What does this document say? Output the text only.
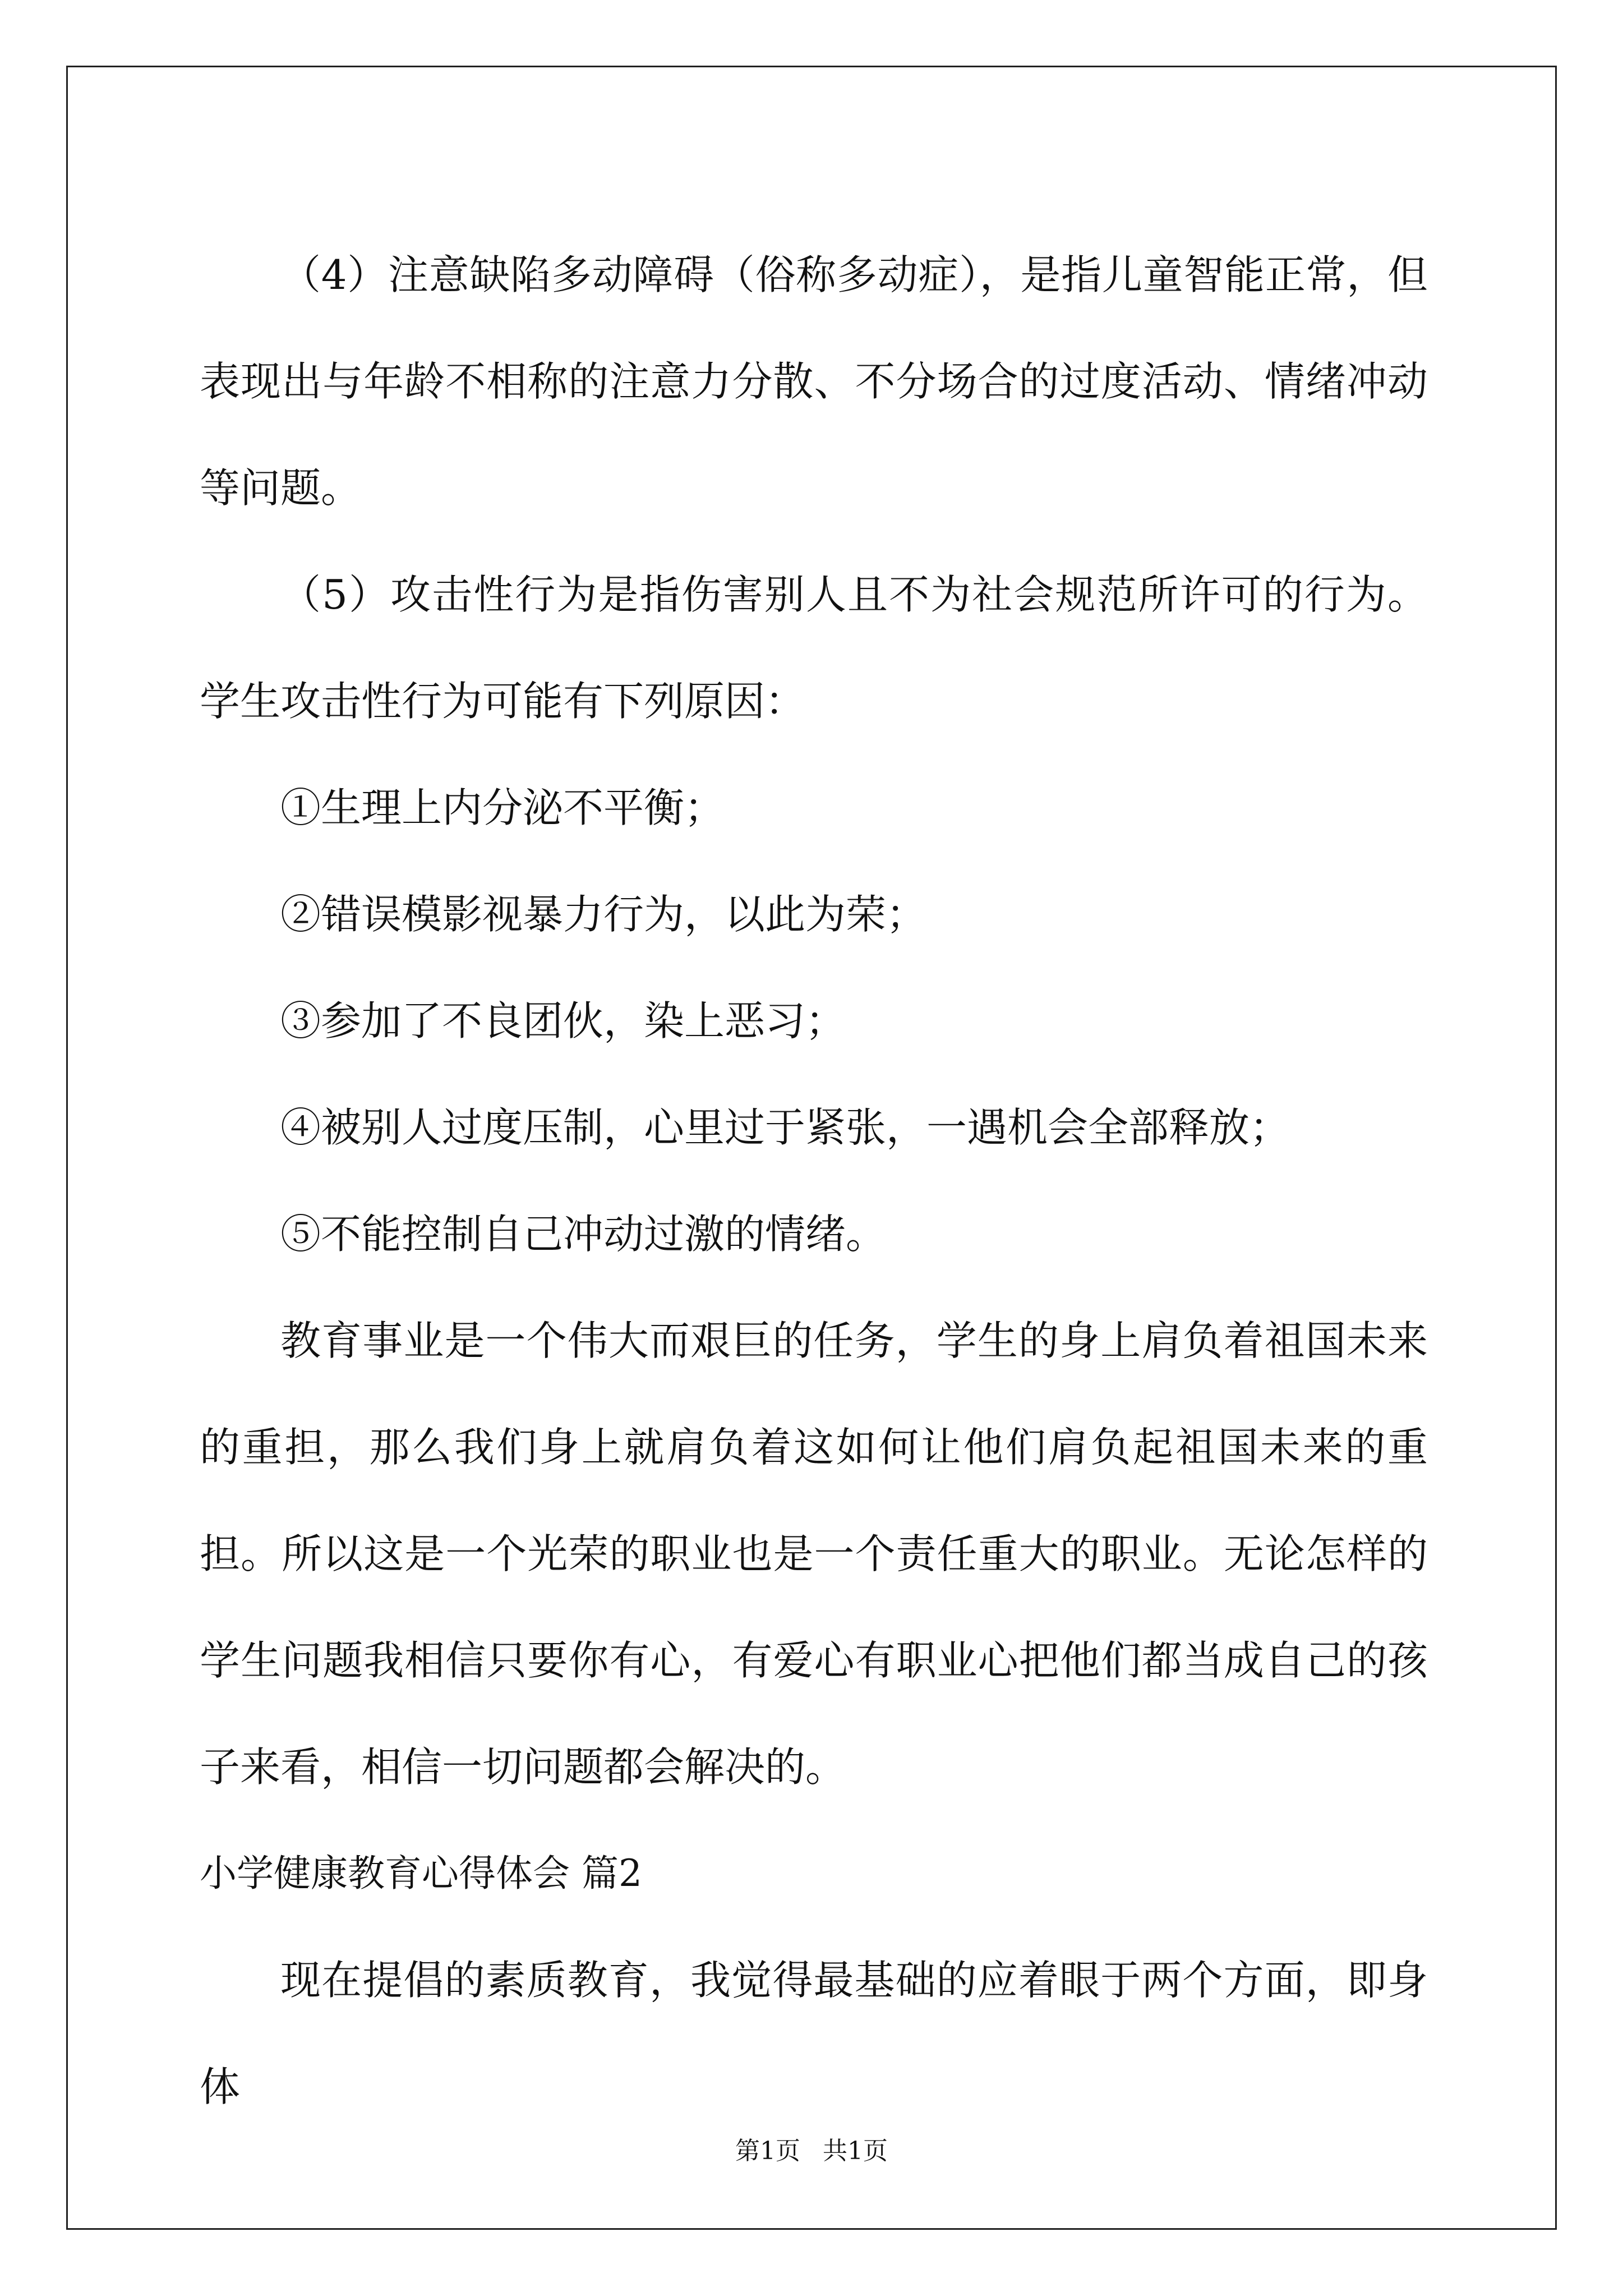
（4）注意缺陷多动障碍（俗称多动症），是指儿童智能正常，但表现出与年龄不相称的注意力分散、不分场合的过度活动、情绪冲动等问题。

（5）攻击性行为是指伤害别人且不为社会规范所许可的行为。学生攻击性行为可能有下列原因：

①生理上内分泌不平衡；

②错误模影视暴力行为，以此为荣；

③参加了不良团伙，染上恶习；

④被别人过度压制，心里过于紧张，一遇机会全部释放；

⑤不能控制自己冲动过激的情绪。

教育事业是一个伟大而艰巨的任务，学生的身上肩负着祖国未来的重担，那么我们身上就肩负着这如何让他们肩负起祖国未来的重担。所以这是一个光荣的职业也是一个责任重大的职业。无论怎样的学生问题我相信只要你有心，有爱心有职业心把他们都当成自己的孩子来看，相信一切问题都会解决的。

小学健康教育心得体会 篇2

现在提倡的素质教育，我觉得最基础的应着眼于两个方面，即身体

第1页 共1页
